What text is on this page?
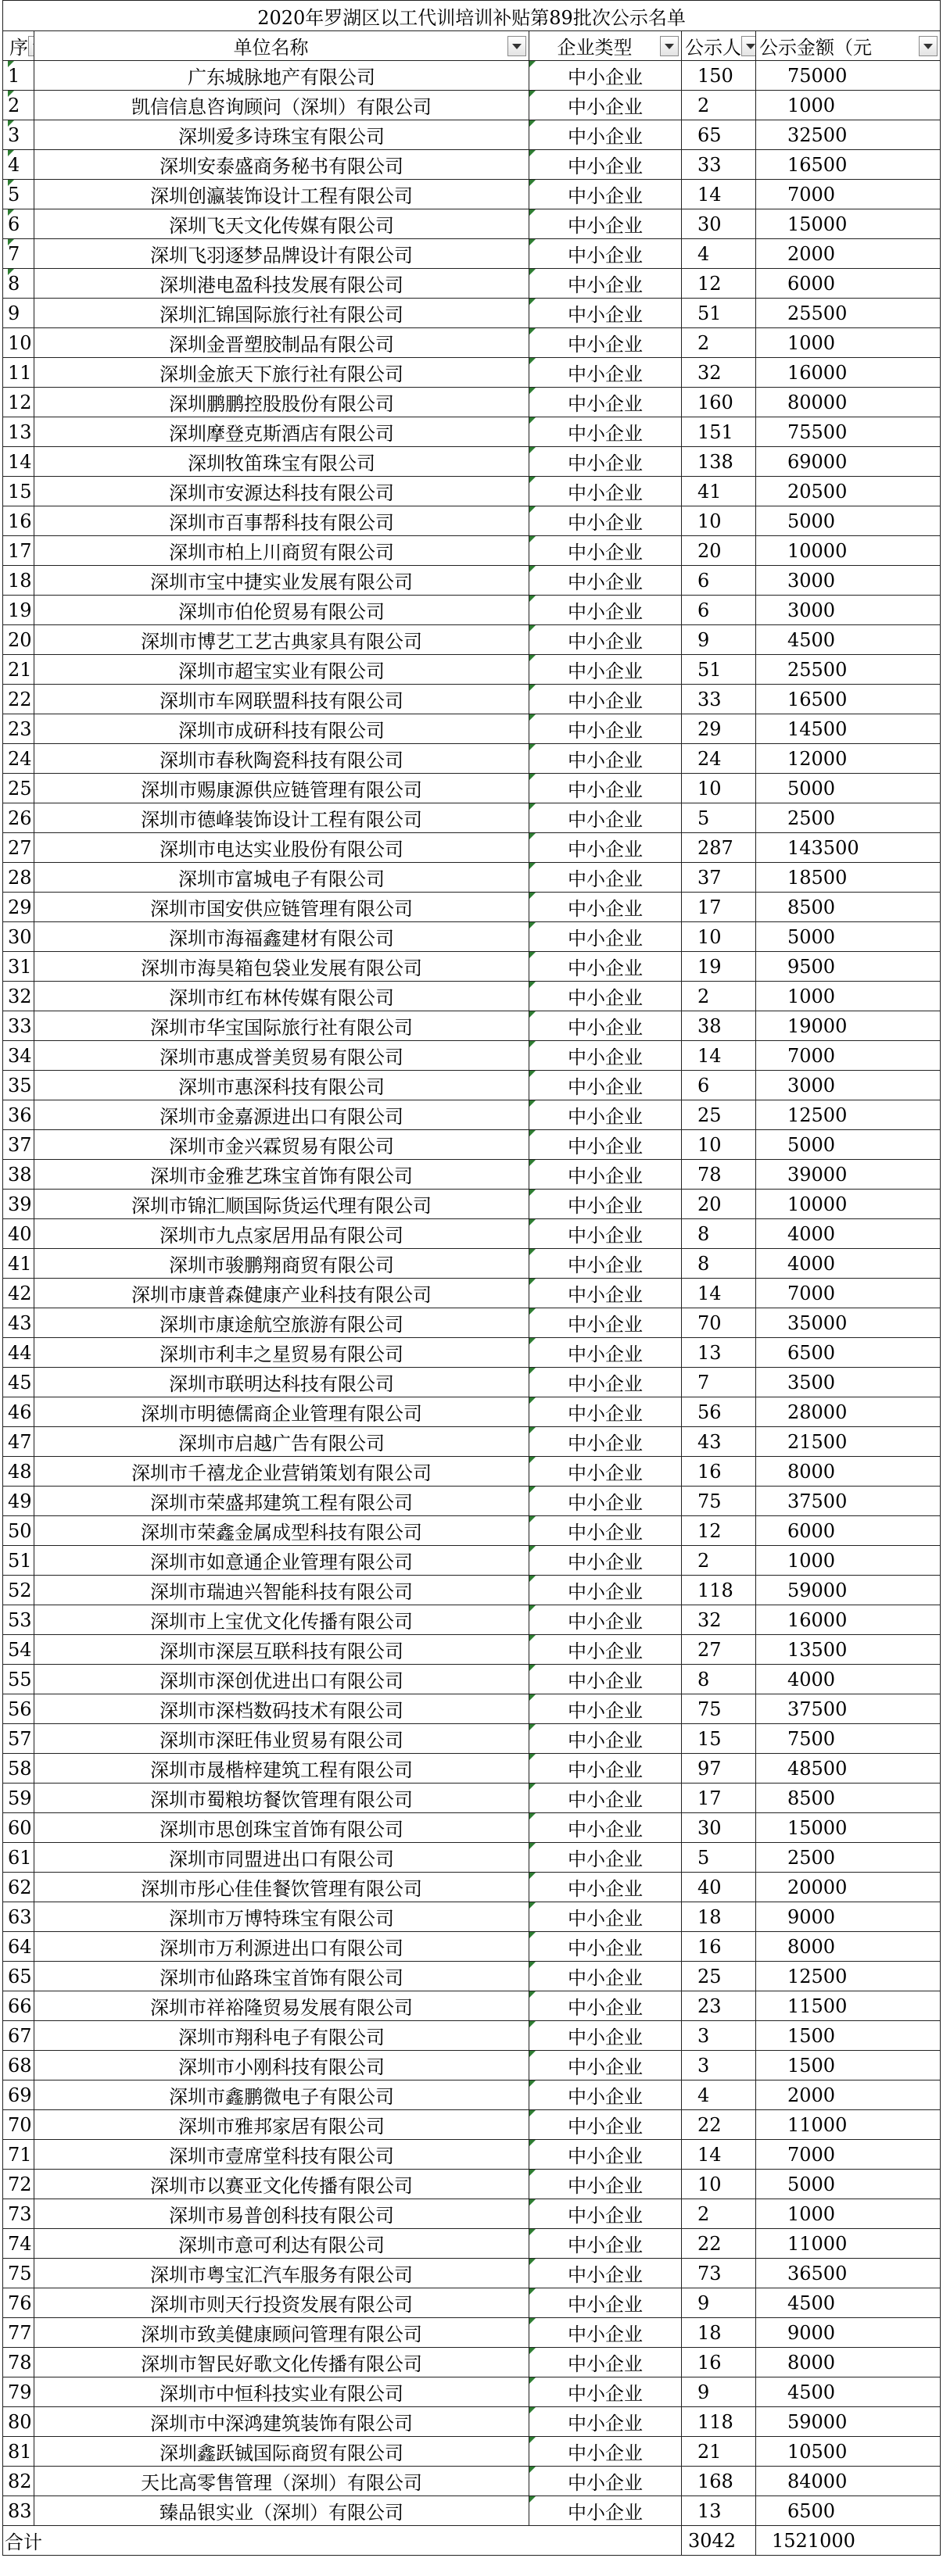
2020年罗湖区以工代训培训补贴第89批次公示名单				

序	单位名称	企业类型	公示人	公示金额（元

1	广东城脉地产有限公司	中小企业	150	75000

2	凯信信息咨询顾问（深圳）有限公司	中小企业	2	1000

3	深圳爱多诗珠宝有限公司	中小企业	65	32500

4	深圳安泰盛商务秘书有限公司	中小企业	33	16500

5	深圳创瀛装饰设计工程有限公司	中小企业	14	7000

6	深圳飞天文化传媒有限公司	中小企业	30	15000

7	深圳飞羽逐梦品牌设计有限公司	中小企业	4	2000

8	深圳港电盈科技发展有限公司	中小企业	12	6000
9	深圳汇锦国际旅行社有限公司	中小企业	51	25500
10	深圳金晋塑胶制品有限公司	中小企业	2	1000
11	深圳金旅天下旅行社有限公司	中小企业	32	16000
12	深圳鹏鹏控股股份有限公司	中小企业	160	80000
13	深圳摩登克斯酒店有限公司	中小企业	151	75500
14	深圳牧笛珠宝有限公司	中小企业	138	69000
15	深圳市安源达科技有限公司	中小企业	41	20500
16	深圳市百事帮科技有限公司	中小企业	10	5000
17	深圳市柏上川商贸有限公司	中小企业	20	10000
18	深圳市宝中捷实业发展有限公司	中小企业	6	3000
19	深圳市伯伦贸易有限公司	中小企业	6	3000
20	深圳市博艺工艺古典家具有限公司	中小企业	9	4500
21	深圳市超宝实业有限公司	中小企业	51	25500
22	深圳市车网联盟科技有限公司	中小企业	33	16500
23	深圳市成研科技有限公司	中小企业	29	14500
24	深圳市春秋陶瓷科技有限公司	中小企业	24	12000
25	深圳市赐康源供应链管理有限公司	中小企业	10	5000
26	深圳市德峰装饰设计工程有限公司	中小企业	5	2500
27	深圳市电达实业股份有限公司	中小企业	287	143500
28	深圳市富城电子有限公司	中小企业	37	18500
29	深圳市国安供应链管理有限公司	中小企业	17	8500
30	深圳市海福鑫建材有限公司	中小企业	10	5000
31	深圳市海昊箱包袋业发展有限公司	中小企业	19	9500
32	深圳市红布林传媒有限公司	中小企业	2	1000
33	深圳市华宝国际旅行社有限公司	中小企业	38	19000
34	深圳市惠成誉美贸易有限公司	中小企业	14	7000
35	深圳市惠深科技有限公司	中小企业	6	3000
36	深圳市金嘉源进出口有限公司	中小企业	25	12500
37	深圳市金兴霖贸易有限公司	中小企业	10	5000
38	深圳市金雅艺珠宝首饰有限公司	中小企业	78	39000
39	深圳市锦汇顺国际货运代理有限公司	中小企业	20	10000
40	深圳市九点家居用品有限公司	中小企业	8	4000
41	深圳市骏鹏翔商贸有限公司	中小企业	8	4000
42	深圳市康普森健康产业科技有限公司	中小企业	14	7000
43	深圳市康途航空旅游有限公司	中小企业	70	35000
44	深圳市利丰之星贸易有限公司	中小企业	13	6500
45	深圳市联明达科技有限公司	中小企业	7	3500
46	深圳市明德儒商企业管理有限公司	中小企业	56	28000
47	深圳市启越广告有限公司	中小企业	43	21500
48	深圳市千禧龙企业营销策划有限公司	中小企业	16	8000
49	深圳市荣盛邦建筑工程有限公司	中小企业	75	37500
50	深圳市荣鑫金属成型科技有限公司	中小企业	12	6000
51	深圳市如意通企业管理有限公司	中小企业	2	1000
52	深圳市瑞迪兴智能科技有限公司	中小企业	118	59000
53	深圳市上宝优文化传播有限公司	中小企业	32	16000
54	深圳市深层互联科技有限公司	中小企业	27	13500
55	深圳市深创优进出口有限公司	中小企业	8	4000
56	深圳市深档数码技术有限公司	中小企业	75	37500
57	深圳市深旺伟业贸易有限公司	中小企业	15	7500
58	深圳市晟楷梓建筑工程有限公司	中小企业	97	48500
59	深圳市蜀粮坊餐饮管理有限公司	中小企业	17	8500
60	深圳市思创珠宝首饰有限公司	中小企业	30	15000
61	深圳市同盟进出口有限公司	中小企业	5	2500
62	深圳市彤心佳佳餐饮管理有限公司	中小企业	40	20000
63	深圳市万博特珠宝有限公司	中小企业	18	9000
64	深圳市万利源进出口有限公司	中小企业	16	8000
65	深圳市仙路珠宝首饰有限公司	中小企业	25	12500
66	深圳市祥裕隆贸易发展有限公司	中小企业	23	11500
67	深圳市翔科电子有限公司	中小企业	3	1500
68	深圳市小刚科技有限公司	中小企业	3	1500
69	深圳市鑫鹏微电子有限公司	中小企业	4	2000
70	深圳市雅邦家居有限公司	中小企业	22	11000
71	深圳市壹席堂科技有限公司	中小企业	14	7000
72	深圳市以赛亚文化传播有限公司	中小企业	10	5000
73	深圳市易普创科技有限公司	中小企业	2	1000
74	深圳市意可利达有限公司	中小企业	22	11000
75	深圳市粤宝汇汽车服务有限公司	中小企业	73	36500
76	深圳市则天行投资发展有限公司	中小企业	9	4500
77	深圳市致美健康顾问管理有限公司	中小企业	18	9000
78	深圳市智民好歌文化传播有限公司	中小企业	16	8000
79	深圳市中恒科技实业有限公司	中小企业	9	4500
80	深圳市中深鸿建筑装饰有限公司	中小企业	118	59000
81	深圳鑫跃铖国际商贸有限公司	中小企业	21	10500
82	天比高零售管理（深圳）有限公司	中小企业	168	84000
83	臻品银实业（深圳）有限公司	中小企业	13	6500
合计			3042	1521000
